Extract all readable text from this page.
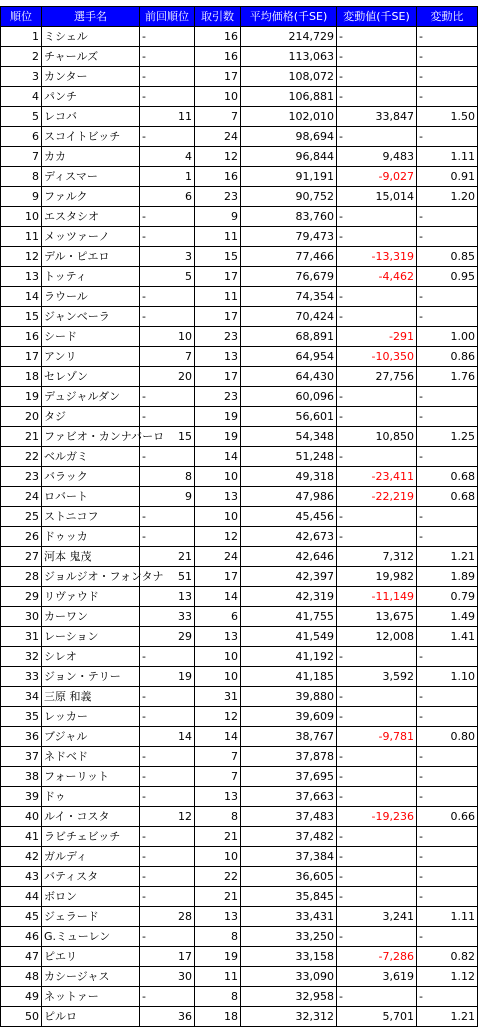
順位	選手名	前回順位	取引数	平均価格(千SE)	変動値(千SE)	変動比
1	ミシェル	-	16	214,729	-	-
2	チャールズ	-	16	113,063	-	-
3	カンター	-	17	108,072	-	-
4	パンチ	-	10	106,881	-	-
5	レコバ	11	7	102,010	33,847	1.50
6	スコイトビッチ	-	24	98,694	-	-
7	カカ	4	12	96,844	9,483	1.11
8	ディスマー	1	16	91,191	-9,027	0.91
9	ファルク	6	23	90,752	15,014	1.20
10	エスタシオ	-	9	83,760	-	-
11	メッツァーノ	-	11	79,473	-	-
12	デル・ピエロ	3	15	77,466	-13,319	0.85
13	トッティ	5	17	76,679	-4,462	0.95
14	ラウール	-	11	74,354	-	-
15	ジャンベーラ	-	17	70,424	-	-
16	シード	10	23	68,891	-291	1.00
17	アンリ	7	13	64,954	-10,350	0.86
18	セレゾン	20	17	64,430	27,756	1.76
19	デュジャルダン	-	23	60,096	-	-
20	タジ	-	19	56,601	-	-
21	ファビオ・カンナバーロ	15	19	54,348	10,850	1.25
22	ベルガミ	-	14	51,248	-	-
23	バラック	8	10	49,318	-23,411	0.68
24	ロバート	9	13	47,986	-22,219	0.68
25	ストニコフ	-	10	45,456	-	-
26	ドゥッカ	-	12	42,673	-	-
27	河本 鬼茂	21	24	42,646	7,312	1.21
28	ジョルジオ・フォンタナ	51	17	42,397	19,982	1.89
29	リヴァウド	13	14	42,319	-11,149	0.79
30	カーワン	33	6	41,755	13,675	1.49
31	レーション	29	13	41,549	12,008	1.41
32	シレオ	-	10	41,192	-	-
33	ジョン・テリー	19	10	41,185	3,592	1.10
34	三原 和義	-	31	39,880	-	-
35	レッカー	-	12	39,609	-	-
36	ブジャル	14	14	38,767	-9,781	0.80
37	ネドベド	-	7	37,878	-	-
38	フォーリット	-	7	37,695	-	-
39	ドゥ	-	13	37,663	-	-
40	ルイ・コスタ	12	8	37,483	-19,236	0.66
41	ラビチェビッチ	-	21	37,482	-	-
42	ガルディ	-	10	37,384	-	-
43	バティスタ	-	22	36,605	-	-
44	ボロン	-	21	35,845	-	-
45	ジェラード	28	13	33,431	3,241	1.11
46	G.ミューレン	-	8	33,250	-	-
47	ピエリ	17	19	33,158	-7,286	0.82
48	カシージャス	30	11	33,090	3,619	1.12
49	ネットァー	-	8	32,958	-	-
50	ピルロ	36	18	32,312	5,701	1.21
